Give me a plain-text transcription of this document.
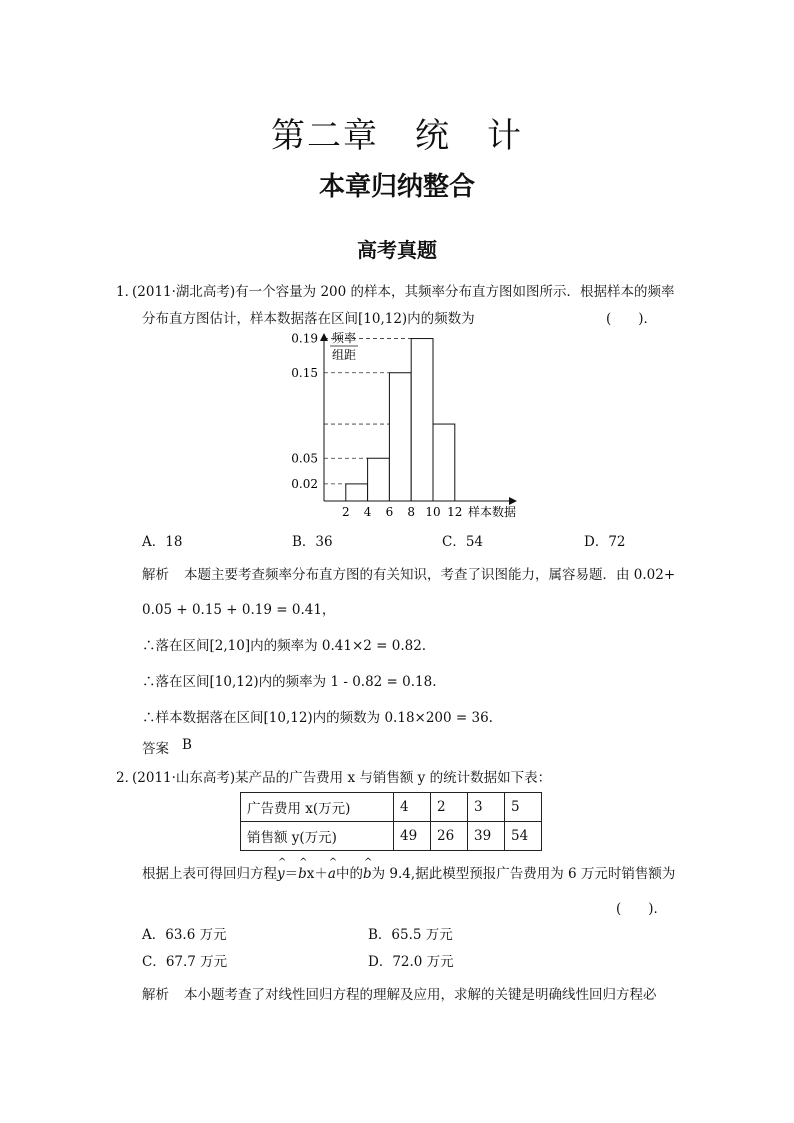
第二章　统　计
本章归纳整合
高考真题
1．
(2011·湖北高考)有一个容量为 200 的样本，其频率分布直方图如图所示．根据样本的频率
分布直方图估计，样本数据落在区间[10,12)内的频数为	(　　)．
频率
组距
样本数据
2 4 6 8 10 12
0.02
0.05
0.15
0.19
A．18	B．36	C．54	D．72
解析 本题主要考查频率分布直方图的有关知识，考查了识图能力，属容易题．由 0.02+
0.05 + 0.15 + 0.19 = 0.41，
∴落在区间[2,10]内的频率为 0.41×2 = 0.82.
∴落在区间[10,12)内的频率为 1 - 0.82 = 0.18.
∴样本数据落在区间[10,12)内的频数为 0.18×200 = 36.
答案 B
2．
(2011·山东高考)某产品的广告费用 x 与销售额 y 的统计数据如下表：
广告费用 x(万元)	4	2	3	5
销售额 y(万元)	49	26	39	54
根据上表可得回归方程^ y＝^ bx＋^ a中的^ b为 9.4,据此模型预报广告费用为 6 万元时销售额为
(　　)．
A．63.6 万元	B．65.5 万元
C．67.7 万元	D．72.0 万元
解析 本小题考查了对线性回归方程的理解及应用，求解的关键是明确线性回归方程必
